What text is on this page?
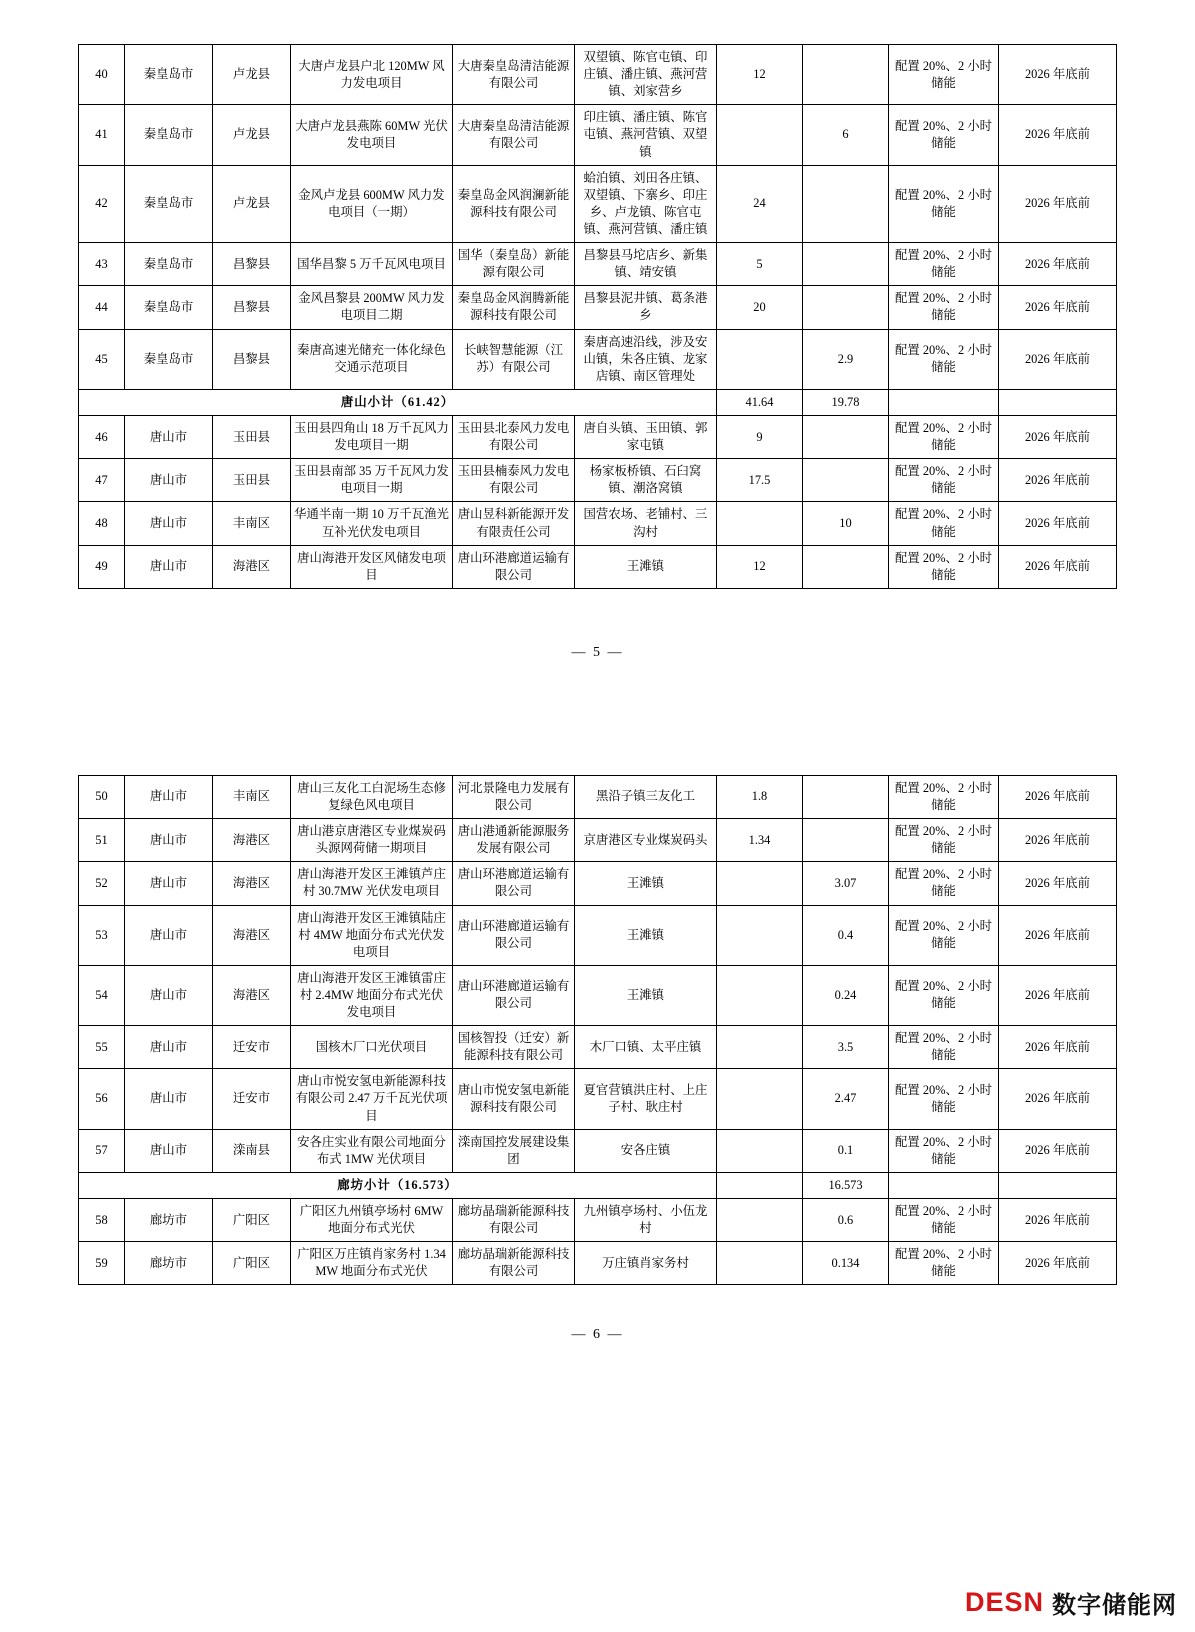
40	秦皇岛市	卢龙县	大唐卢龙县户北 120MW 风力发电项目	大唐秦皇岛清洁能源有限公司	双望镇、陈官屯镇、印庄镇、潘庄镇、燕河营镇、刘家营乡	12		配置 20%、2 小时储能	2026 年底前
41	秦皇岛市	卢龙县	大唐卢龙县燕陈 60MW 光伏发电项目	大唐秦皇岛清洁能源有限公司	印庄镇、潘庄镇、陈官屯镇、燕河营镇、双望镇		6	配置 20%、2 小时储能	2026 年底前
42	秦皇岛市	卢龙县	金风卢龙县 600MW 风力发电项目（一期）	秦皇岛金风润澜新能源科技有限公司	蛤泊镇、刘田各庄镇、双望镇、下寨乡、印庄乡、卢龙镇、陈官屯镇、燕河营镇、潘庄镇	24		配置 20%、2 小时储能	2026 年底前
43	秦皇岛市	昌黎县	国华昌黎 5 万千瓦风电项目	国华（秦皇岛）新能源有限公司	昌黎县马坨店乡、新集镇、靖安镇	5		配置 20%、2 小时储能	2026 年底前
44	秦皇岛市	昌黎县	金风昌黎县 200MW 风力发电项目二期	秦皇岛金风润腾新能源科技有限公司	昌黎县泥井镇、葛条港乡	20		配置 20%、2 小时储能	2026 年底前
45	秦皇岛市	昌黎县	秦唐高速光储充一体化绿色交通示范项目	长峡智慧能源（江苏）有限公司	秦唐高速沿线，涉及安山镇，朱各庄镇、龙家店镇、南区管理处		2.9	配置 20%、2 小时储能	2026 年底前
唐山小计（61.42）						41.64	19.78		
46	唐山市	玉田县	玉田县四角山 18 万千瓦风力发电项目一期	玉田县北泰风力发电有限公司	唐自头镇、玉田镇、郭家屯镇	9		配置 20%、2 小时储能	2026 年底前
47	唐山市	玉田县	玉田县南部 35 万千瓦风力发电项目一期	玉田县楠泰风力发电有限公司	杨家板桥镇、石臼窝镇、潮洛窝镇	17.5		配置 20%、2 小时储能	2026 年底前
48	唐山市	丰南区	华通半南一期 10 万千瓦渔光互补光伏发电项目	唐山昱科新能源开发有限责任公司	国营农场、老铺村、三沟村		10	配置 20%、2 小时储能	2026 年底前
49	唐山市	海港区	唐山海港开发区风储发电项目	唐山环港廊道运输有限公司	王滩镇	12		配置 20%、2 小时储能	2026 年底前
— 5 —
50	唐山市	丰南区	唐山三友化工白泥场生态修复绿色风电项目	河北景隆电力发展有限公司	黑沿子镇三友化工	1.8		配置 20%、2 小时储能	2026 年底前
51	唐山市	海港区	唐山港京唐港区专业煤炭码头源网荷储一期项目	唐山港通新能源服务发展有限公司	京唐港区专业煤炭码头	1.34		配置 20%、2 小时储能	2026 年底前
52	唐山市	海港区	唐山海港开发区王滩镇芦庄村 30.7MW 光伏发电项目	唐山环港廊道运输有限公司	王滩镇		3.07	配置 20%、2 小时储能	2026 年底前
53	唐山市	海港区	唐山海港开发区王滩镇陆庄村 4MW 地面分布式光伏发电项目	唐山环港廊道运输有限公司	王滩镇		0.4	配置 20%、2 小时储能	2026 年底前
54	唐山市	海港区	唐山海港开发区王滩镇雷庄村 2.4MW 地面分布式光伏发电项目	唐山环港廊道运输有限公司	王滩镇		0.24	配置 20%、2 小时储能	2026 年底前
55	唐山市	迁安市	国核木厂口光伏项目	国核智投（迁安）新能源科技有限公司	木厂口镇、太平庄镇		3.5	配置 20%、2 小时储能	2026 年底前
56	唐山市	迁安市	唐山市悦安氢电新能源科技有限公司 2.47 万千瓦光伏项目	唐山市悦安氢电新能源科技有限公司	夏官营镇洪庄村、上庄子村、耿庄村		2.47	配置 20%、2 小时储能	2026 年底前
57	唐山市	滦南县	安各庄实业有限公司地面分布式 1MW 光伏项目	滦南国控发展建设集团	安各庄镇		0.1	配置 20%、2 小时储能	2026 年底前
廊坊小计（16.573）							16.573		
58	廊坊市	广阳区	广阳区九州镇亭场村 6MW 地面分布式光伏	廊坊晶瑞新能源科技有限公司	九州镇亭场村、小伍龙村		0.6	配置 20%、2 小时储能	2026 年底前
59	廊坊市	广阳区	广阳区万庄镇肖家务村 1.34MW 地面分布式光伏	廊坊晶瑞新能源科技有限公司	万庄镇肖家务村		0.134	配置 20%、2 小时储能	2026 年底前
— 6 —
DESN 数字储能网
